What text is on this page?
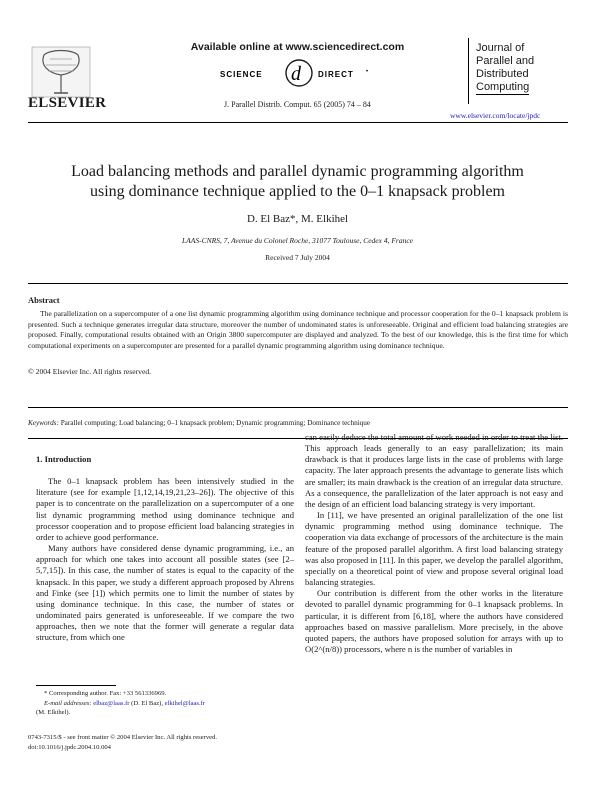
ELSEVIER
Available online at www.sciencedirect.com
SCIENCE d DIRECT •
J. Parallel Distrib. Comput. 65 (2005) 74 – 84
Journal of
Parallel and
Distributed
Computing
www.elsevier.com/locate/jpdc
Load balancing methods and parallel dynamic programming algorithm
using dominance technique applied to the 0–1 knapsack problem
D. El Baz*, M. Elkihel
LAAS-CNRS, 7, Avenue du Colonel Roche, 31077 Toulouse, Cedex 4, France
Received 7 July 2004
Abstract

The parallelization on a supercomputer of a one list dynamic programming algorithm using dominance technique and processor cooperation for the 0–1 knapsack problem is presented. Such a technique generates irregular data structure, moreover the number of undominated states is unforeseeable. Original and efficient load balancing strategies are proposed. Finally, computational results obtained with an Origin 3800 supercomputer are displayed and analyzed. To the best of our knowledge, this is the first time for which computational experiments on a supercomputer are presented for a parallel dynamic programming algorithm using dominance technique.

© 2004 Elsevier Inc. All rights reserved.
Keywords: Parallel computing; Load balancing; 0–1 knapsack problem; Dynamic programming; Dominance technique

1. Introduction

The 0–1 knapsack problem has been intensively studied in the literature (see for example [1,12,14,19,21,23–26]). The objective of this paper is to concentrate on the parallelization on a supercomputer of a one list dynamic programming method using dominance technique and processor cooperation and to propose efficient load balancing strategies in order to achieve good performance.

Many authors have considered dense dynamic programming, i.e., an approach for which one takes into account all possible states (see [2–5,7,15]). In this case, the number of states is equal to the capacity of the knapsack. In this paper, we study a different approach proposed by Ahrens and Finke (see [1]) which permits one to limit the number of states by using dominance technique. In this case, the number of states or undominated pairs generated is unforeseeable. If we compare the two approaches, then we note that the former will generate a regular data structure, from which one

* Corresponding author. Fax: +33 561336969.

E-mail addresses: elbaz@laas.fr (D. El Baz), elkihel@laas.fr

(M. Elkihel).

0743-7315/$ - see front matter © 2004 Elsevier Inc. All rights reserved.
doi:10.1016/j.jpdc.2004.10.004

can easily deduce the total amount of work needed in order to treat the list. This approach leads generally to an easy parallelization; its main drawback is that it produces large lists in the case of problems with large capacity. The later approach presents the advantage to generate lists which are smaller; its main drawback is the creation of an irregular data structure. As a consequence, the parallelization of the later approach is not easy and the design of an efficient load balancing strategy is very important.

In [11], we have presented an original parallelization of the one list dynamic programming method using dominance technique. The cooperation via data exchange of processors of the architecture is the main feature of the proposed parallel algorithm. A first load balancing strategy was also proposed in [11]. In this paper, we develop the parallel algorithm, specially on a theoretical point of view and propose several original load balancing strategies.

Our contribution is different from the other works in the literature devoted to parallel dynamic programming for 0–1 knapsack problems. In particular, it is different from [6,18], where the authors have considered approaches based on massive parallelism. More precisely, in the above quoted papers, the authors have proposed solution for arrays with up to O(2^(n/8)) processors, where n is the number of variables in
